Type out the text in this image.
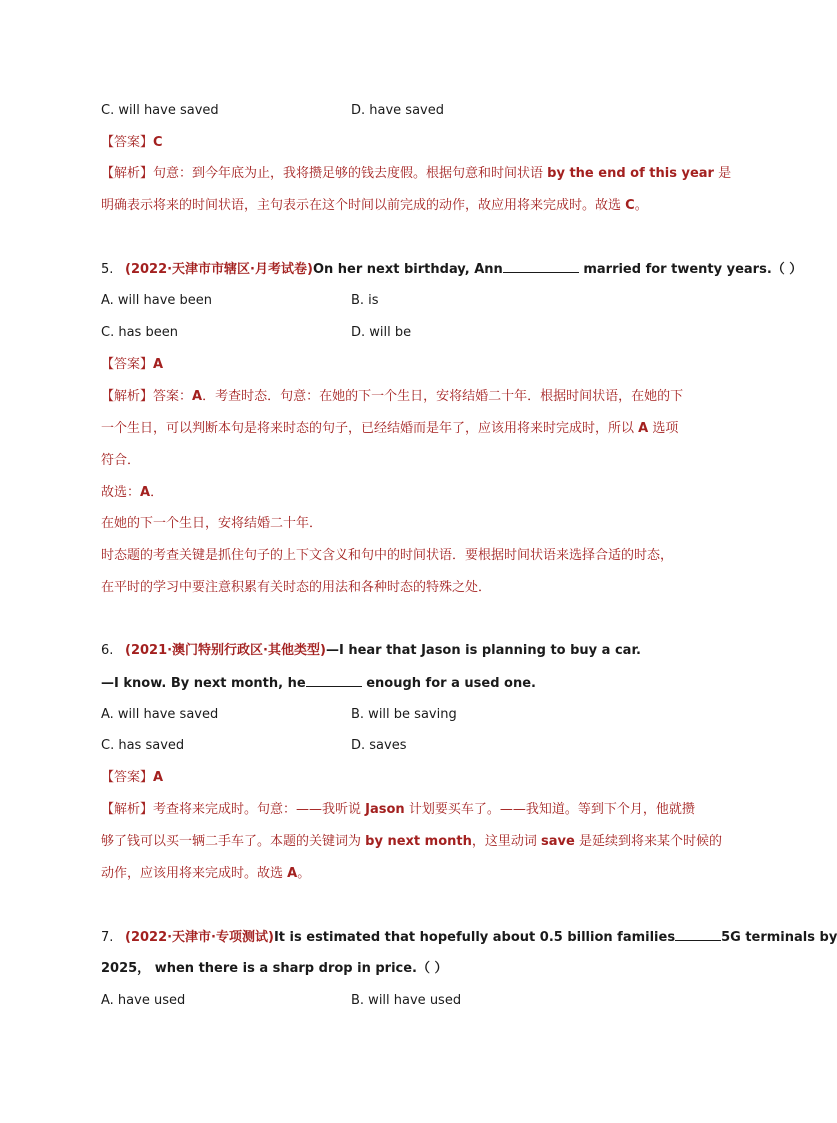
C. will have saved	D. have saved
【答案】C
【解析】句意：到今年底为止，我将攒足够的钱去度假。根据句意和时间状语 by the end of this year 是
明确表示将来的时间状语，主句表示在这个时间以前完成的动作，故应用将来完成时。故选 C。
5. (2022·天津市市辖区·月考试卷)On her next birthday, Ann	married for twenty years.（ ）
A. will have been	B. is
C. has been	D. will be
【答案】A
【解析】答案：A．考查时态．句意：在她的下一个生日，安将结婚二十年．根据时间状语，在她的下
一个生日，可以判断本句是将来时态的句子，已经结婚而是年了，应该用将来时完成时，所以 A 选项
符合．
故选：A．
在她的下一个生日，安将结婚二十年．
时态题的考查关键是抓住句子的上下文含义和句中的时间状语．要根据时间状语来选择合适的时态，
在平时的学习中要注意积累有关时态的用法和各种时态的特殊之处．
6. (2021·澳门特别行政区·其他类型)—I hear that Jason is planning to buy a car.
—I know. By next month, he	enough for a used one.
A. will have saved	B. will be saving
C. has saved	D. saves
【答案】A
【解析】考查将来完成时。句意：——我听说 Jason 计划要买车了。——我知道。等到下个月，他就攒
够了钱可以买一辆二手车了。本题的关键词为 by next month，这里动词 save 是延续到将来某个时候的
动作，应该用将来完成时。故选 A。
7. (2022·天津市·专项测试)It is estimated that hopefully about 0.5 billion families	5G terminals by
2025， when there is a sharp drop in price.（ ）
A. have used	B. will have used
